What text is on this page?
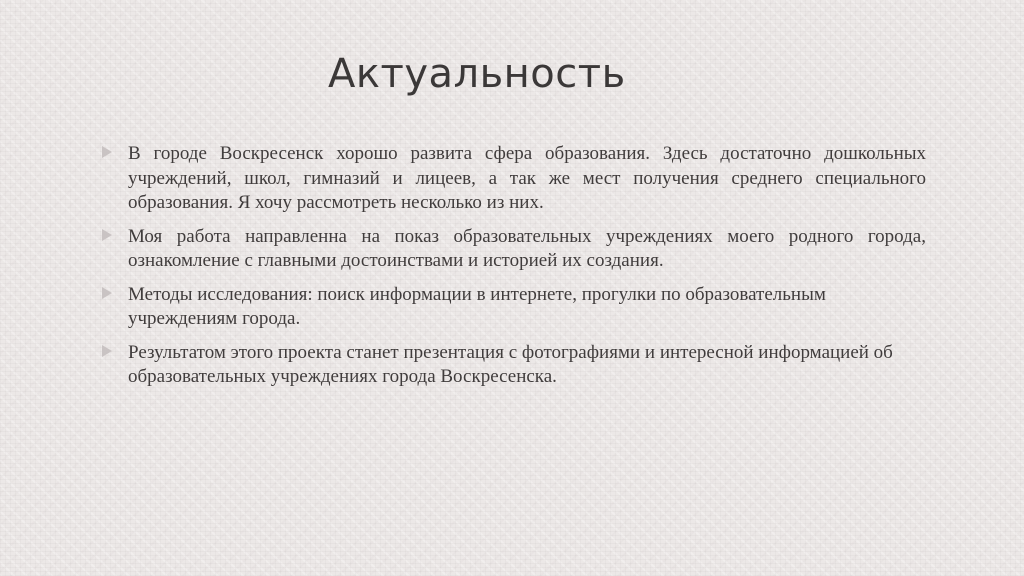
Актуальность
В городе Воскресенск хорошо развита сфера образования. Здесь достаточно дошкольных учреждений, школ, гимназий и лицеев, а так же мест получения среднего специального образования. Я хочу рассмотреть несколько из них.
Моя работа направленна на показ образовательных учреждениях моего родного города, ознакомление с главными достоинствами и историей их создания.
Методы исследования: поиск информации в интернете, прогулки по образовательным учреждениям города.
Результатом этого проекта станет презентация с фотографиями и интересной информацией об образовательных учреждениях города Воскресенска.
